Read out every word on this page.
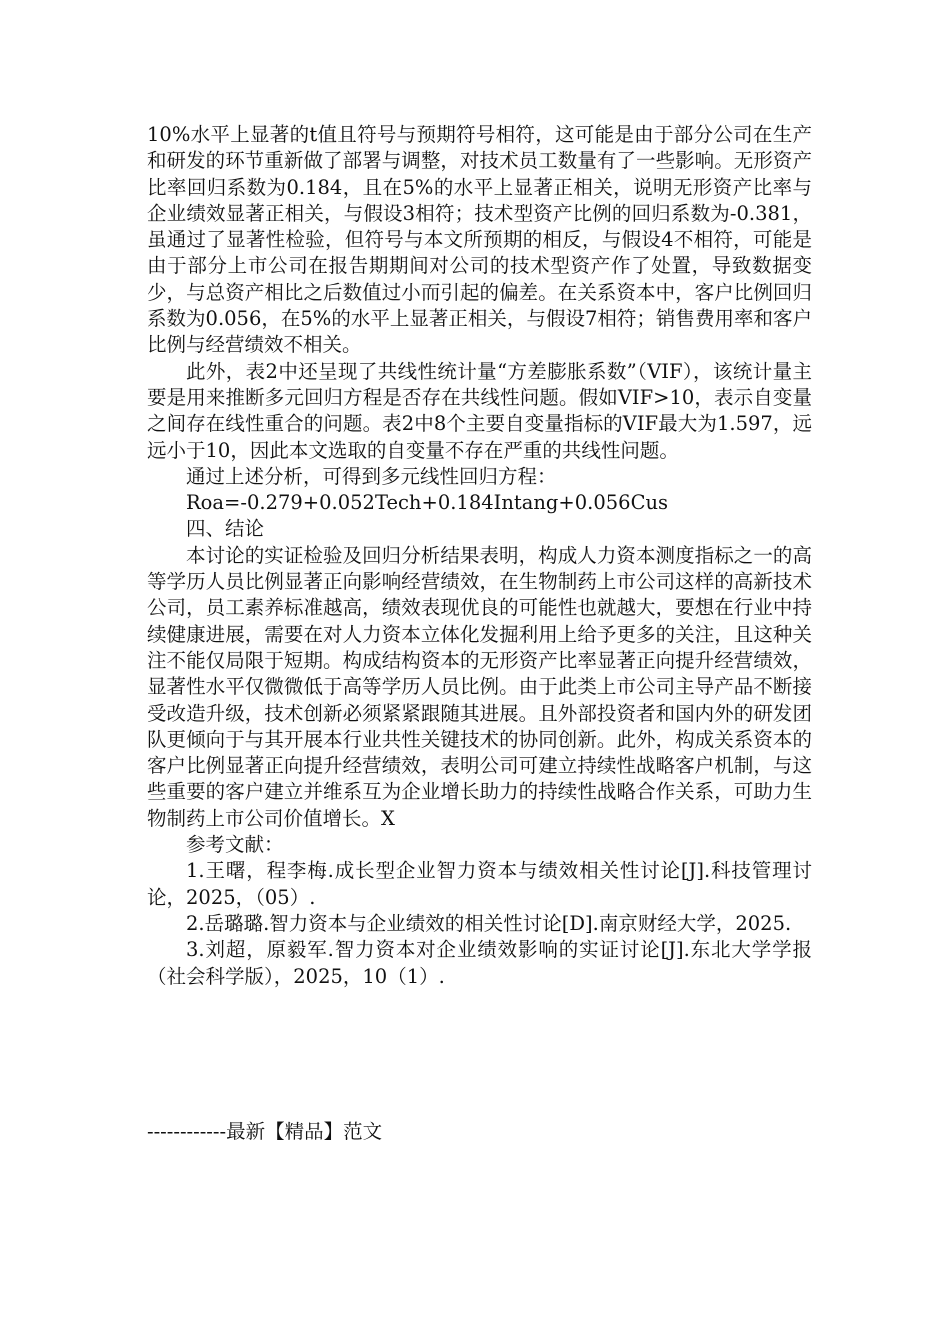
10%水平上显著的t值且符号与预期符号相符，这可能是由于部分公司在生产和研发的环节重新做了部署与调整，对技术员工数量有了一些影响。无形资产比率回归系数为0.184，且在5%的水平上显著正相关，说明无形资产比率与企业绩效显著正相关，与假设3相符；技术型资产比例的回归系数为-0.381，虽通过了显著性检验，但符号与本文所预期的相反，与假设4不相符，可能是由于部分上市公司在报告期期间对公司的技术型资产作了处置，导致数据变少，与总资产相比之后数值过小而引起的偏差。在关系资本中，客户比例回归系数为0.056，在5%的水平上显著正相关，与假设7相符；销售费用率和客户比例与经营绩效不相关。

此外，表2中还呈现了共线性统计量“方差膨胀系数”（VIF），该统计量主要是用来推断多元回归方程是否存在共线性问题。假如VIF>10，表示自变量之间存在线性重合的问题。表2中8个主要自变量指标的VIF最大为1.597，远远小于10，因此本文选取的自变量不存在严重的共线性问题。

通过上述分析，可得到多元线性回归方程：

Roa=-0.279+0.052Tech+0.184Intang+0.056Cus

四、结论

本讨论的实证检验及回归分析结果表明，构成人力资本测度指标之一的高等学历人员比例显著正向影响经营绩效，在生物制药上市公司这样的高新技术公司，员工素养标准越高，绩效表现优良的可能性也就越大，要想在行业中持续健康进展，需要在对人力资本立体化发掘利用上给予更多的关注，且这种关注不能仅局限于短期。构成结构资本的无形资产比率显著正向提升经营绩效，显著性水平仅微微低于高等学历人员比例。由于此类上市公司主导产品不断接受改造升级，技术创新必须紧紧跟随其进展。且外部投资者和国内外的研发团队更倾向于与其开展本行业共性关键技术的协同创新。此外，构成关系资本的客户比例显著正向提升经营绩效，表明公司可建立持续性战略客户机制，与这些重要的客户建立并维系互为企业增长助力的持续性战略合作关系，可助力生物制药上市公司价值增长。X

参考文献：

1.王曙，程李梅.成长型企业智力资本与绩效相关性讨论[J].科技管理讨论，2025，（05）.

2.岳璐璐.智力资本与企业绩效的相关性讨论[D].南京财经大学，2025.

3.刘超，原毅军.智力资本对企业绩效影响的实证讨论[J].东北大学学报（社会科学版），2025，10（1）.

------------最新【精品】范文
